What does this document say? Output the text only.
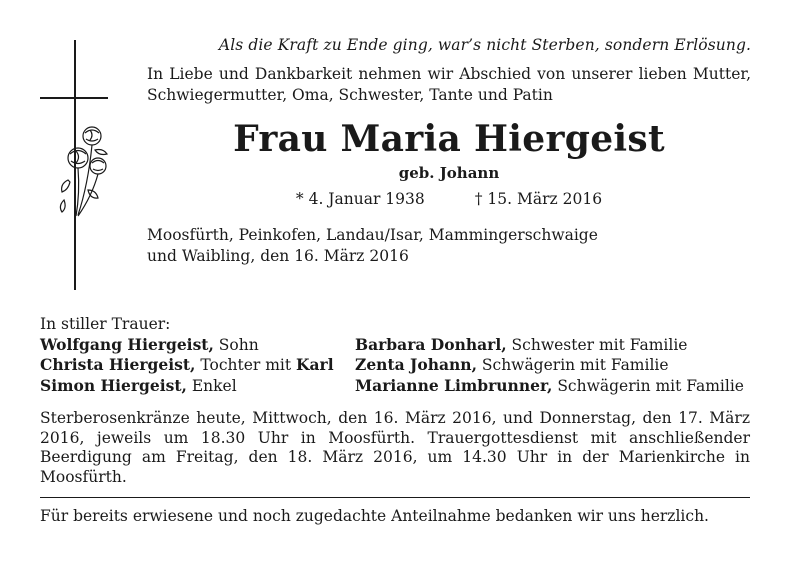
Als die Kraft zu Ende ging, war’s nicht Sterben, sondern Erlösung.

In Liebe und Dankbarkeit nehmen wir Abschied von unserer lieben Mutter, Schwiegermutter, Oma, Schwester, Tante und Patin

Frau Maria Hiergeist
geb. Johann
* 4. Januar 1938	† 15. März 2016
Moosfürth, Peinkofen, Landau/Isar, Mammingerschwaige
und Waibling, den 16. März 2016
In stiller Trauer:
Wolfgang Hiergeist, Sohn	Barbara Donharl, Schwester mit Familie
Christa Hiergeist, Tochter mit Karl	Zenta Johann, Schwägerin mit Familie
Simon Hiergeist, Enkel	Marianne Limbrunner, Schwägerin mit Familie

Sterberosenkränze heute, Mittwoch, den 16. März 2016, und Donnerstag, den 17. März 2016, jeweils um 18.30 Uhr in Moosfürth. Trauergottesdienst mit anschließender Beerdigung am Freitag, den 18. März 2016, um 14.30 Uhr in der Marienkirche in Moosfürth.

Für bereits erwiesene und noch zugedachte Anteilnahme bedanken wir uns herzlich.
